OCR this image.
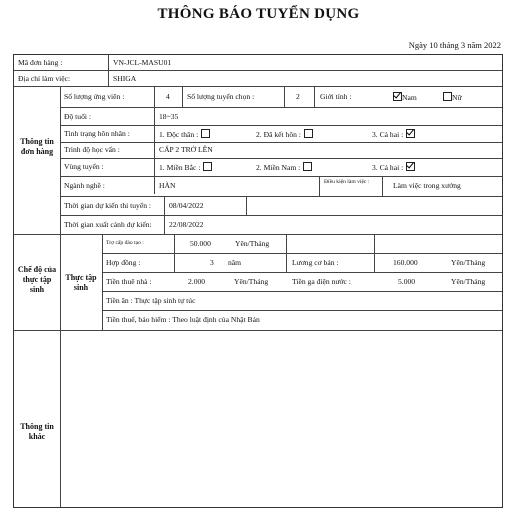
THÔNG BÁO TUYỂN DỤNG
Ngày 10 tháng 3 năm 2022
Mã đơn hàng :	VN-JCL-MASU01
Địa chỉ làm việc:	SHIGA
Thông tin đơn hàng
Chế độ của thực tập sinh
Thực tập sinh
Thông tin khác
Số lượng ứng viên :	4 Số lượng tuyển chọn :	2	Giới tính :	Nam	Nữ
Độ tuổi :	18~35
Tình trạng hôn nhân :	1. Độc thân :	2. Đã kết hôn :	3. Cả hai :
Trình độ học vấn :	CẤP 2 TRỞ LÊN
Vùng tuyển :	1. Miền Bắc :	2. Miền Nam :	3. Cả hai :
Ngành nghề :	HÀN	Điều kiện làm việc :	Làm việc trong xưởng
Thời gian dự kiến thi tuyển : 08/04/2022
Thời gian xuất cảnh dự kiến: 22/08/2022
Trợ cấp đào tạo :	50.000	Yên/Tháng
Hợp đồng :	3 năm	Lương cơ bản :	160.000	Yên/Tháng
Tiền thuê nhà :	2.000	Yên/Tháng	Tiền ga điện nước :	5.000	Yên/Tháng
Tiền ăn : Thực tập sinh tự túc
Tiền thuế, bảo hiểm : Theo luật định của Nhật Bản
